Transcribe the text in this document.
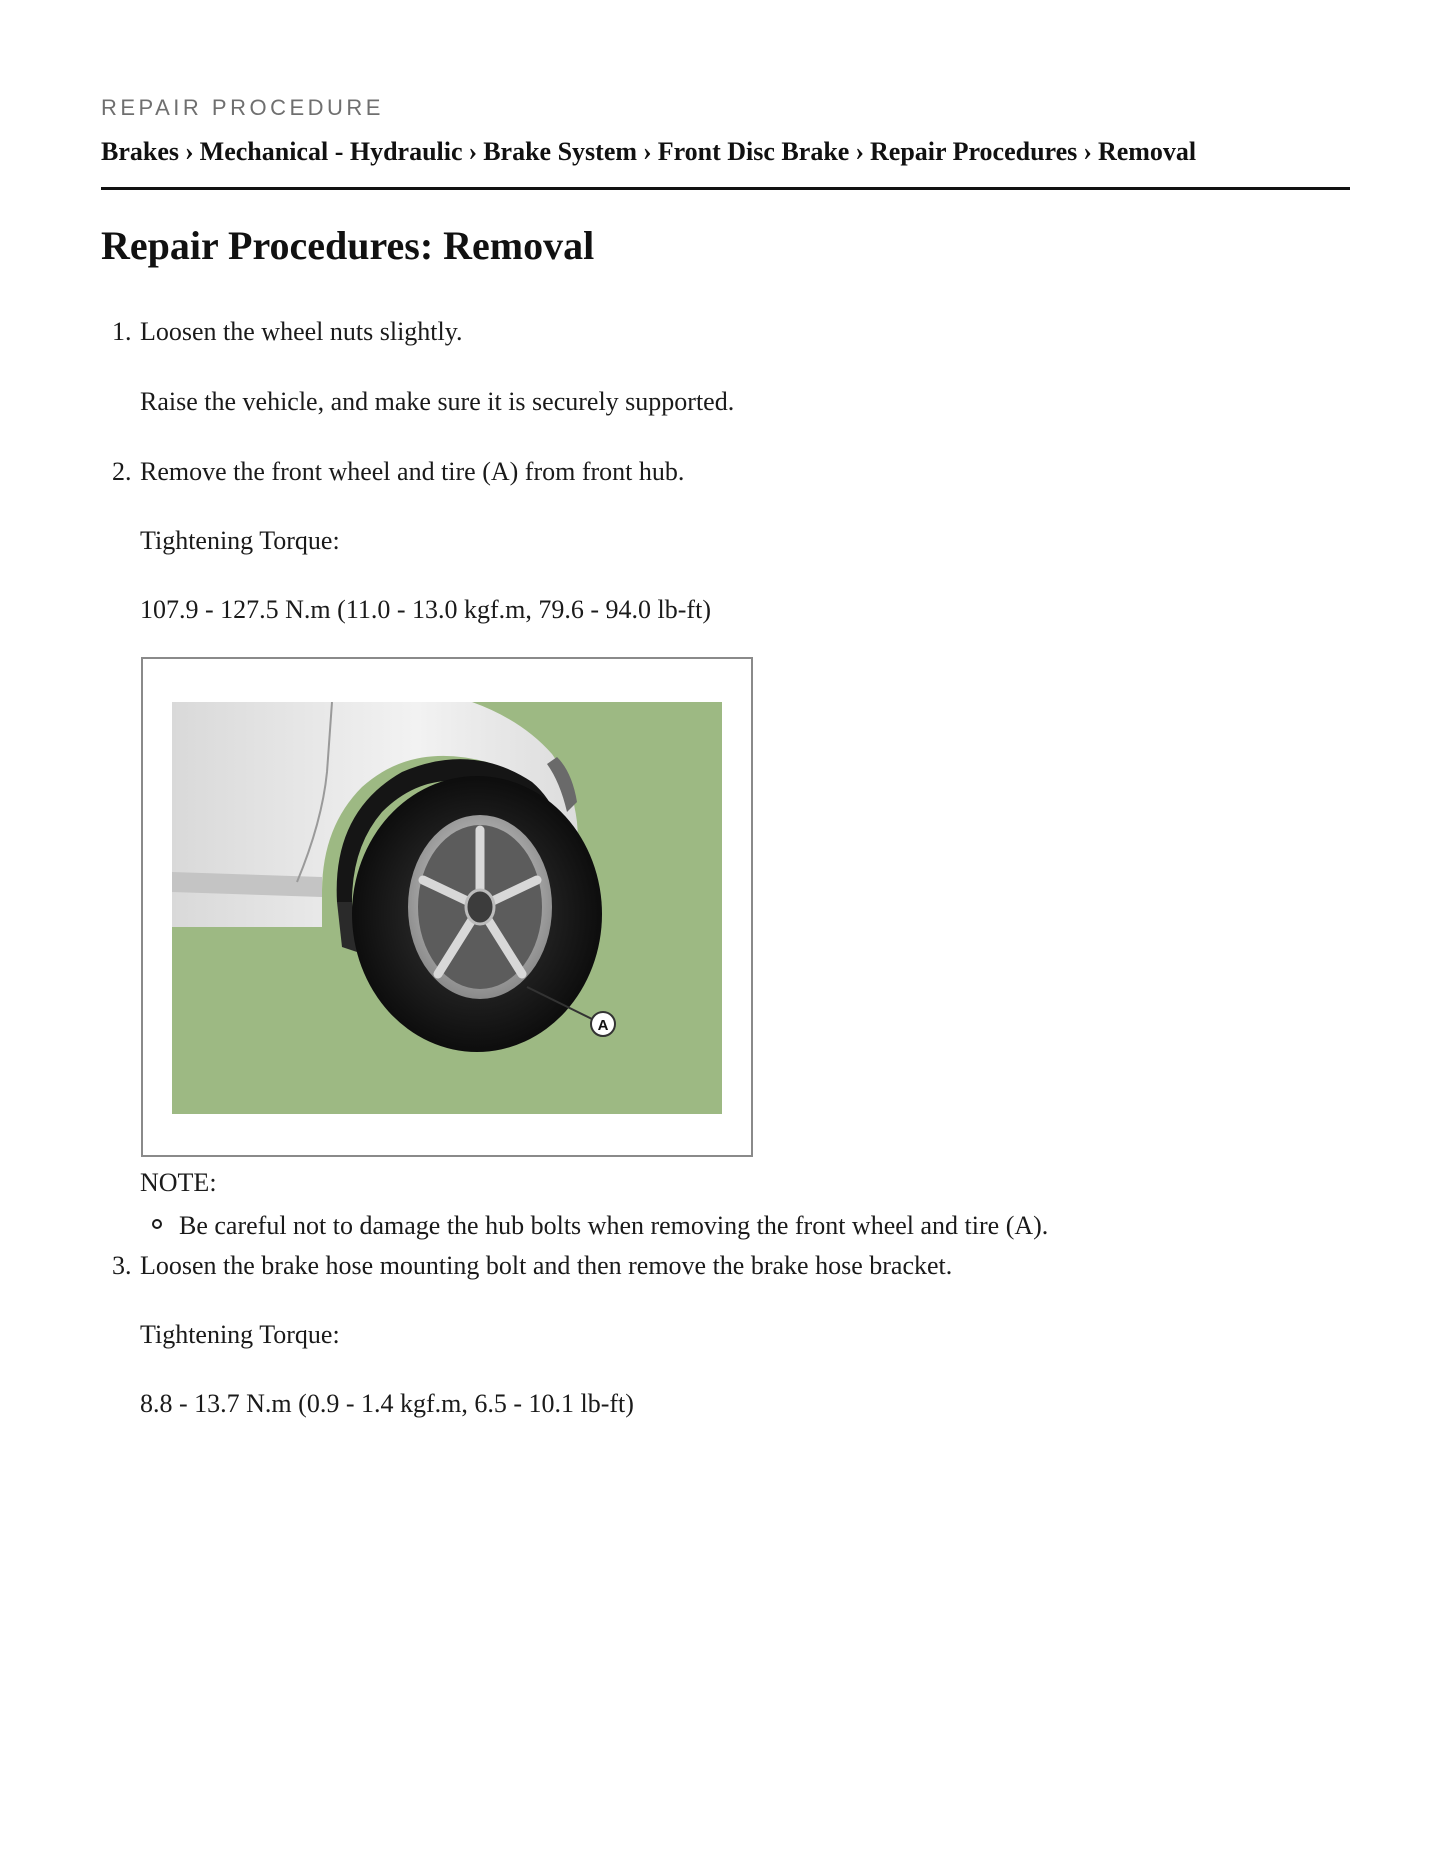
REPAIR PROCEDURE
Brakes › Mechanical - Hydraulic › Brake System › Front Disc Brake › Repair Procedures › Removal
Repair Procedures: Removal
1. Loosen the wheel nuts slightly.
Raise the vehicle, and make sure it is securely supported.
2. Remove the front wheel and tire (A) from front hub.
Tightening Torque:
107.9 - 127.5 N.m (11.0 - 13.0 kgf.m, 79.6 - 94.0 lb-ft)
A
NOTE:
Be careful not to damage the hub bolts when removing the front wheel and tire (A).
3. Loosen the brake hose mounting bolt and then remove the brake hose bracket.
Tightening Torque:
8.8 - 13.7 N.m (0.9 - 1.4 kgf.m, 6.5 - 10.1 lb-ft)
